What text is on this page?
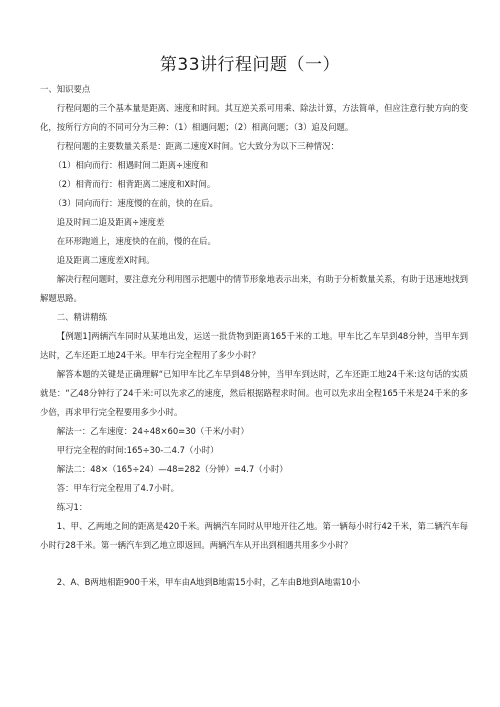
第33讲行程问题（一）

一、知识要点

行程问题的三个基本量是距离、速度和时间。其互逆关系可用乘、除法计算，方法简单，但应注意行驶方向的变化，按所行方向的不同可分为三种：（1）相遇问题；（2）相离问题；（3）追及问题。

行程问题的主要数量关系是：距离二速度X时间。它大致分为以下三种情况：

（1）相向而行：相遇时间二距离÷速度和

（2）相背而行：相背距离二速度和X时间。

（3）同向而行：速度慢的在前，快的在后。

追及时间二追及距离÷速度差

在环形跑道上，速度快的在前，慢的在后。

追及距离二速度差X时间。

解决行程问题时，要注意充分利用图示把题中的情节形象地表示出来，有助于分析数量关系，有助于迅速地找到解题思路。

二、精讲精练

【例题1]两辆汽车同时从某地出发，运送一批货物到距离165千米的工地。甲车比乙车早到48分钟，当甲车到达时，乙车还距工地24千米。甲车行完全程用了多少小时？

解答本题的关键是正确理解“已知甲车比乙车早到48分钟，当甲车到达时，乙车还距工地24千米:这句话的实质就是：“乙48分钟行了24千米:可以先求乙的速度，然后根据路程求时间。也可以先求出全程165千米是24千米的多少倍，再求甲行完全程要用多少小时。

解法一：乙车速度：24÷48×60=30（千米/小时）

甲行完全程的时间:165÷30-二4.7（小时）

解法二：48×（165÷24）—48=282（分钟）=4.7（小时）

答：甲车行完全程用了4.7小时。

练习1：

1、甲、乙两地之间的距离是420千米。两辆汽车同时从甲地开往乙地。第一辆每小时行42千米，第二辆汽车每小时行28千米。第一辆汽车到乙地立即返回。两辆汽车从开出到相遇共用多少小时？

2、A、B两地相距900千米，甲车由A地到B地需15小时，乙车由B地到A地需10小
